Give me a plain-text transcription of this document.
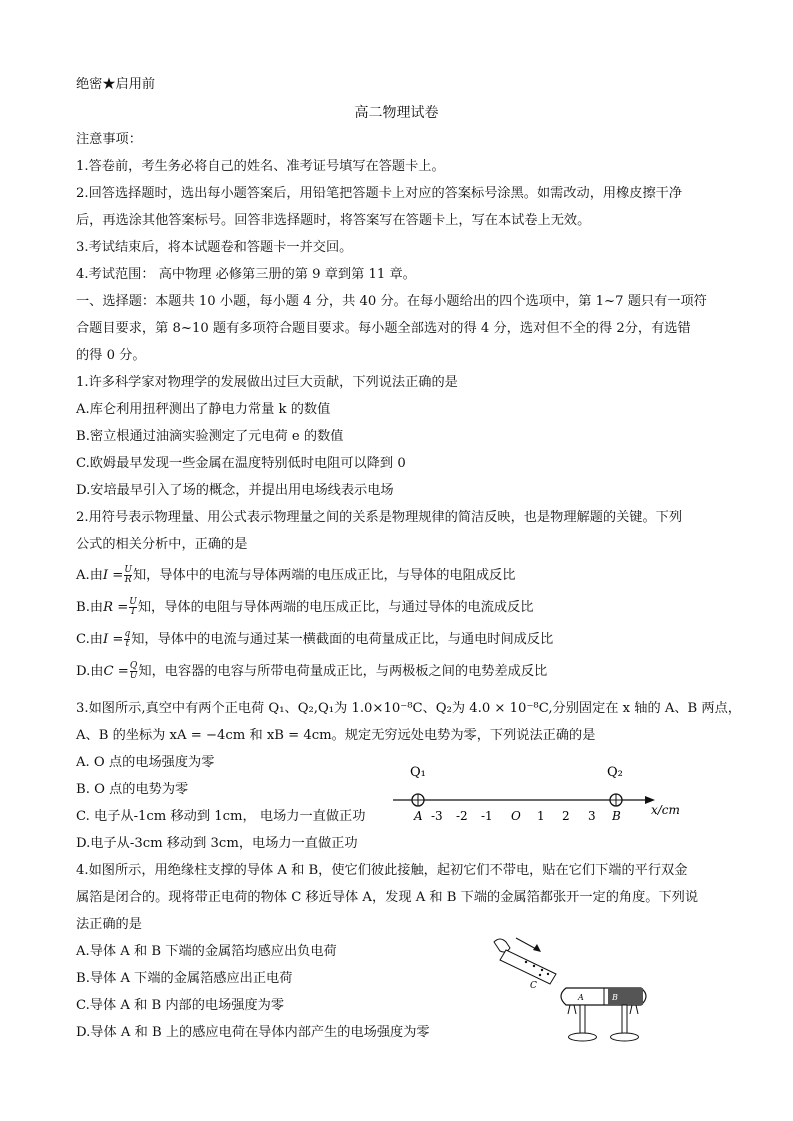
绝密★启用前
高二物理试卷
注意事项：
1.答卷前，考生务必将自己的姓名、准考证号填写在答题卡上。
2.回答选择题时，选出每小题答案后，用铅笔把答题卡上对应的答案标号涂黑。如需改动，用橡皮擦干净
后，再选涂其他答案标号。回答非选择题时，将答案写在答题卡上，写在本试卷上无效。
3.考试结束后，将本试题卷和答题卡一并交回。
4.考试范围： 高中物理 必修第三册的第 9 章到第 11 章。
一、选择题：本题共 10 小题，每小题 4 分，共 40 分。在每小题给出的四个选项中，第 1~7 题只有一项符
合题目要求，第 8~10 题有多项符合题目要求。每小题全部选对的得 4 分，选对但不全的得 2分，有选错
的得 0 分。
1.许多科学家对物理学的发展做出过巨大贡献，下列说法正确的是
A.库仑利用扭秤测出了静电力常量 k 的数值
B.密立根通过油滴实验测定了元电荷 e 的数值
C.欧姆最早发现一些金属在温度特别低时电阻可以降到 0
D.安培最早引入了场的概念，并提出用电场线表示电场
2.用符号表示物理量、用公式表示物理量之间的关系是物理规律的简洁反映，也是物理解题的关键。下列
公式的相关分析中，正确的是
A.由$I = \frac{U}{R}$ 知，导体中的电流与导体两端的电压成正比，与导体的电阻成反比
B.由$R = \frac{U}{I}$ 知，导体的电阻与导体两端的电压成正比，与通过导体的电流成反比
C.由$I = \frac{q}{t}$ 知，导体中的电流与通过某一横截面的电荷量成正比，与通电时间成反比
D.由$C = \frac{Q}{U}$ 知，电容器的电容与所带电荷量成正比，与两极板之间的电势差成反比
3.如图所示,真空中有两个正电荷 Q₁、Q₂,Q₁为 1.0×10⁻⁸C、Q₂为 4.0 × 10⁻⁸C,分别固定在 x 轴的 A、B 两点，
A、B 的坐标为 xA = −4cm 和 xB = 4cm。规定无穷远处电势为零，下列说法正确的是
A. O 点的电场强度为零
B. O 点的电势为零
C. 电子从-1cm 移动到 1cm， 电场力一直做正功
D.电子从-3cm 移动到 3cm，电场力一直做正功
Q₁	Q₂
A -3 -2 -1 O 1 2 3 B	x/cm
4.如图所示，用绝缘柱支撑的导体 A 和 B，使它们彼此接触，起初它们不带电，贴在它们下端的平行双金
属箔是闭合的。现将带正电荷的物体 C 移近导体 A，发现 A 和 B 下端的金属箔都张开一定的角度。下列说
法正确的是
A.导体 A 和 B 下端的金属箔均感应出负电荷
B.导体 A 下端的金属箔感应出正电荷
C.导体 A 和 B 内部的电场强度为零
D.导体 A 和 B 上的感应电荷在导体内部产生的电场强度为零
C
A	B
